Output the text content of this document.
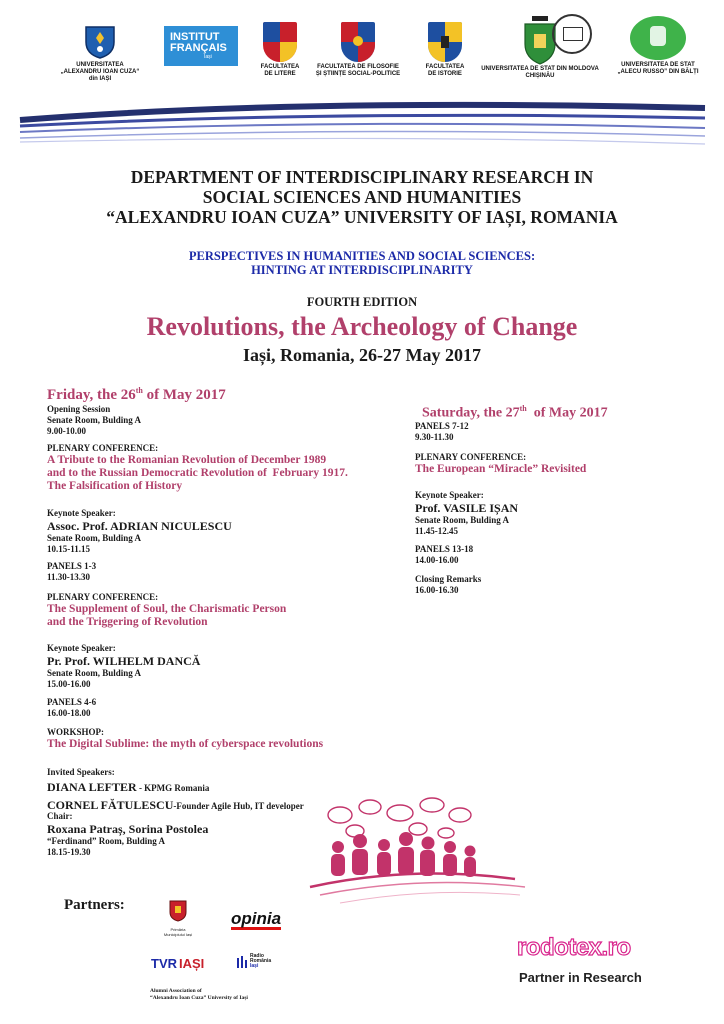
UNIVERSITATEA
„ALEXANDRU IOAN CUZA“
din IAȘI
INSTITUT
FRANÇAIS
Iași
FACULTATEA
DE LITERE
FACULTATEA DE FILOSOFIE
ȘI ȘTIINȚE SOCIAL-POLITICE
FACULTATEA
DE ISTORIE
UNIVERSITATEA DE STAT DIN MOLDOVA
CHIȘINĂU
UNIVERSITATEA DE STAT
„ALECU RUSSO” DIN BĂLȚI
DEPARTMENT OF INTERDISCIPLINARY RESEARCH IN
SOCIAL SCIENCES AND HUMANITIES
“ALEXANDRU IOAN CUZA” UNIVERSITY OF IAȘI, ROMANIA
PERSPECTIVES IN HUMANITIES AND SOCIAL SCIENCES:
HINTING AT INTERDISCIPLINARITY
FOURTH EDITION
Revolutions, the Archeology of Change
Iași, Romania, 26-27 May 2017
Friday, the 26th of May 2017
Opening Session
Senate Room, Bulding A
9.00-10.00
PLENARY CONFERENCE:
A Tribute to the Romanian Revolution of December 1989
and to the Russian Democratic Revolution of  February 1917.
The Falsification of History
Keynote Speaker:
Assoc. Prof. ADRIAN NICULESCU
Senate Room, Bulding A
10.15-11.15
PANELS 1-3
11.30-13.30
PLENARY CONFERENCE:
The Supplement of Soul, the Charismatic Person
and the Triggering of Revolution
Keynote Speaker:
Pr. Prof. WILHELM DANCĂ
Senate Room, Bulding A
15.00-16.00
PANELS 4-6
16.00-18.00
WORKSHOP:
The Digital Sublime: the myth of cyberspace revolutions
Invited Speakers:
DIANA LEFTER - KPMG Romania
CORNEL FĂTULESCU-Founder Agile Hub, IT developer
Chair:
Roxana Patraș, Sorina Postolea
“Ferdinand” Room, Bulding A
18.15-19.30

Saturday, the 27th  of May 2017

PANELS 7-12
9.30-11.30
PLENARY CONFERENCE:
The European “Miracle” Revisited
Keynote Speaker:
Prof. VASILE IȘAN
Senate Room, Bulding A
11.45-12.45
PANELS 13-18
14.00-16.00
Closing Remarks
16.00-16.30
Partners:
Primăria Municipiului Iași
opinia
TVR IAȘI	Radio
România
Iași
Alumni Association of
“Alexandru Ioan Cuza” University of Iași
rodotex.ro
Partner in Research
